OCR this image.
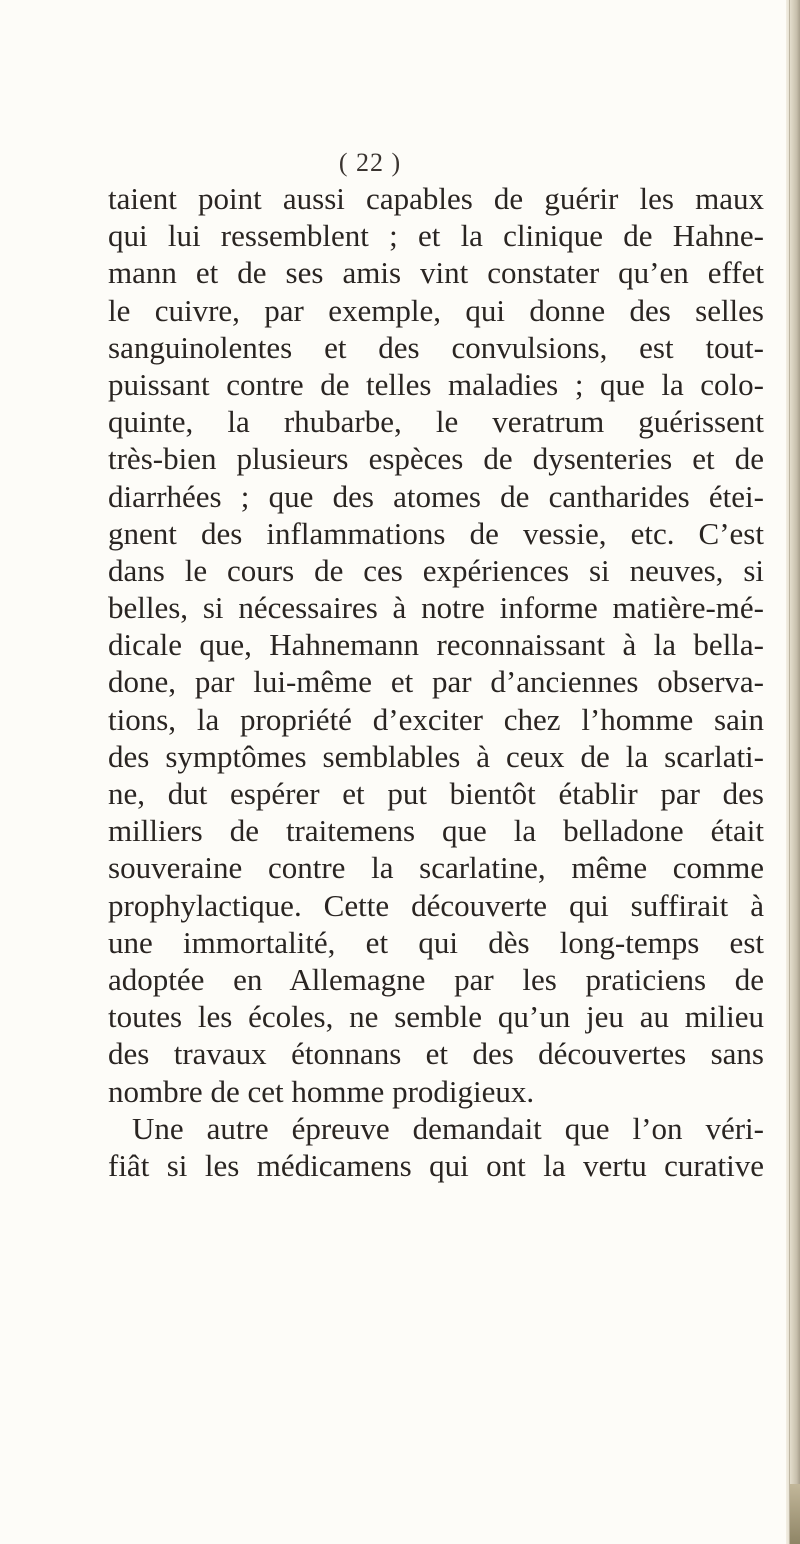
( 22 )
taient point aussi capables de guérir les maux
qui lui ressemblent ; et la clinique de Hahne-
mann et de ses amis vint constater qu’en effet
le cuivre, par exemple, qui donne des selles
sanguinolentes et des convulsions, est tout-
puissant contre de telles maladies ; que la colo-
quinte, la rhubarbe, le veratrum guérissent
très-bien plusieurs espèces de dysenteries et de
diarrhées ; que des atomes de cantharides étei-
gnent des inflammations de vessie, etc. C’est
dans le cours de ces expériences si neuves, si
belles, si nécessaires à notre informe matière-mé-
dicale que, Hahnemann reconnaissant à la bella-
done, par lui-même et par d’anciennes observa-
tions, la propriété d’exciter chez l’homme sain
des symptômes semblables à ceux de la scarlati-
ne, dut espérer et put bientôt établir par des
milliers de traitemens que la belladone était
souveraine contre la scarlatine, même comme
prophylactique. Cette découverte qui suffirait à
une immortalité, et qui dès long-temps est
adoptée en Allemagne par les praticiens de
toutes les écoles, ne semble qu’un jeu au milieu
des travaux étonnans et des découvertes sans
nombre de cet homme prodigieux.
Une autre épreuve demandait que l’on véri-
fiât si les médicamens qui ont la vertu curative
